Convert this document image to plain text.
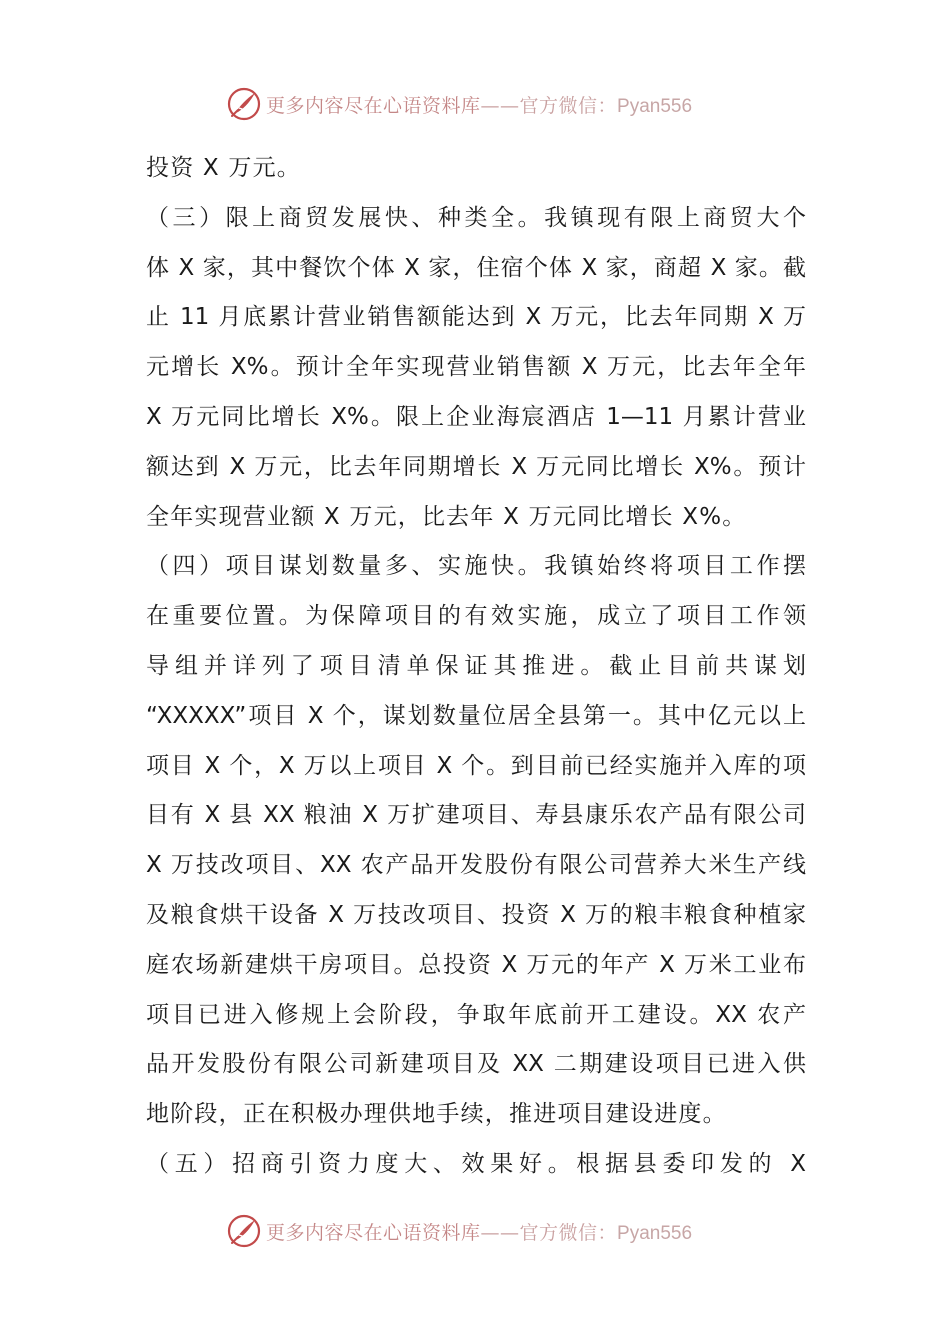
更多内容尽在心语资料库——官方微信：Pyan556
投资 X 万元。
（三）限上商贸发展快、种类全。我镇现有限上商贸大个
体 X 家，其中餐饮个体 X 家，住宿个体 X 家，商超 X 家。截
止 11 月底累计营业销售额能达到 X 万元，比去年同期 X 万
元增长 X%。预计全年实现营业销售额 X 万元，比去年全年
X 万元同比增长 X%。限上企业海宸酒店 1—11 月累计营业
额达到 X 万元，比去年同期增长 X 万元同比增长 X%。预计
全年实现营业额 X 万元，比去年 X 万元同比增长 X%。
（四）项目谋划数量多、实施快。我镇始终将项目工作摆
在重要位置。为保障项目的有效实施，成立了项目工作领
导组并详列了项目清单保证其推进。截止目前共谋划
“XXXXX”项目 X 个，谋划数量位居全县第一。其中亿元以上
项目 X 个，X 万以上项目 X 个。到目前已经实施并入库的项
目有 X 县 XX 粮油 X 万扩建项目、寿县康乐农产品有限公司
X 万技改项目、XX 农产品开发股份有限公司营养大米生产线
及粮食烘干设备 X 万技改项目、投资 X 万的粮丰粮食种植家
庭农场新建烘干房项目。总投资 X 万元的年产 X 万米工业布
项目已进入修规上会阶段，争取年底前开工建设。XX 农产
品开发股份有限公司新建项目及 XX 二期建设项目已进入供
地阶段，正在积极办理供地手续，推进项目建设进度。
（五）招商引资力度大、效果好。根据县委印发的 X
更多内容尽在心语资料库——官方微信：Pyan556
